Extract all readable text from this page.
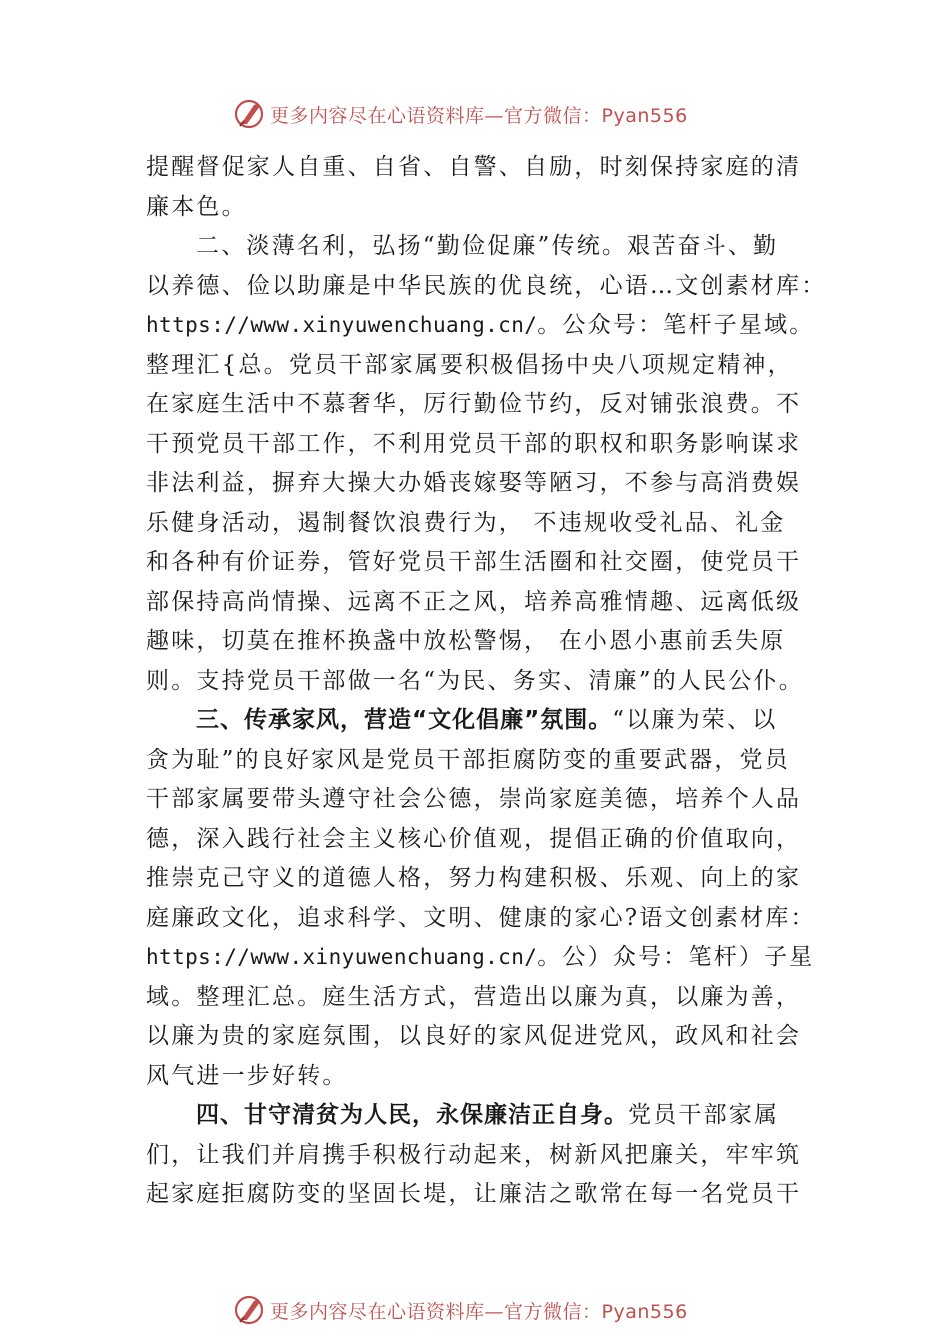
更多内容尽在心语资料库—官方微信：Pyan556
提醒督促家人自重、自省、自警、自励，时刻保持家庭的清
廉本色。
二、淡薄名利，弘扬“勤俭促廉”传统。艰苦奋斗、勤
以养德、俭以助廉是中华民族的优良统，心语…文创素材库：
https://www.xinyuwenchuang.cn/。公众号：笔杆子星域。
整理汇{总。党员干部家属要积极倡扬中央八项规定精神，
在家庭生活中不慕奢华，厉行勤俭节约，反对铺张浪费。不
干预党员干部工作，不利用党员干部的职权和职务影响谋求
非法利益，摒弃大操大办婚丧嫁娶等陋习，不参与高消费娱
乐健身活动，遏制餐饮浪费行为， 不违规收受礼品、礼金
和各种有价证券，管好党员干部生活圈和社交圈，使党员干
部保持高尚情操、远离不正之风，培养高雅情趣、远离低级
趣味，切莫在推杯换盏中放松警惕， 在小恩小惠前丢失原
则。支持党员干部做一名“为民、务实、清廉”的人民公仆。
三、传承家风，营造“文化倡廉”氛围。“以廉为荣、以
贪为耻”的良好家风是党员干部拒腐防变的重要武器，党员
干部家属要带头遵守社会公德，崇尚家庭美德，培养个人品
德，深入践行社会主义核心价值观，提倡正确的价值取向，
推崇克己守义的道德人格，努力构建积极、乐观、向上的家
庭廉政文化，追求科学、文明、健康的家心?语文创素材库：
https://www.xinyuwenchuang.cn/。公）众号：笔杆）子星
域。整理汇总。庭生活方式，营造出以廉为真，以廉为善，
以廉为贵的家庭氛围，以良好的家风促进党风，政风和社会
风气进一步好转。
四、甘守清贫为人民，永保廉洁正自身。党员干部家属
们，让我们并肩携手积极行动起来，树新风把廉关，牢牢筑
起家庭拒腐防变的坚固长堤，让廉洁之歌常在每一名党员干
更多内容尽在心语资料库—官方微信：Pyan556
